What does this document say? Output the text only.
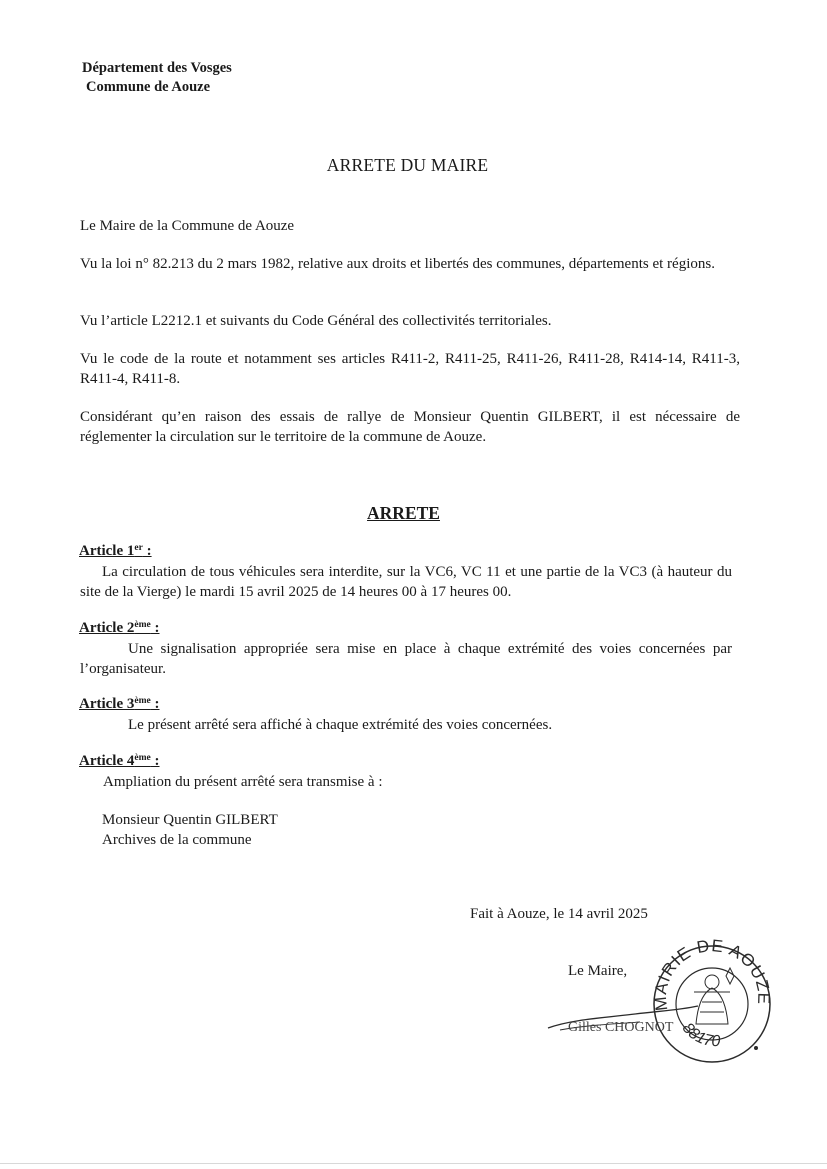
Département des Vosges
Commune de Aouze
ARRETE DU MAIRE
Le Maire de la Commune de Aouze
Vu la loi n° 82.213 du 2 mars 1982, relative aux droits et libertés des communes, départements et régions.
Vu l’article L2212.1 et suivants du Code Général des collectivités territoriales.
Vu le code de la route et notamment ses articles R411-2, R411-25, R411-26, R411-28, R414-14, R411-3, R411-4, R411-8.
Considérant qu’en raison des essais de rallye de Monsieur Quentin GILBERT, il est nécessaire de réglementer la circulation sur le territoire de la commune de Aouze.
ARRETE
Article 1er :
La circulation de tous véhicules sera interdite, sur la VC6, VC 11 et une partie de la VC3 (à hauteur du site de la Vierge) le mardi 15 avril 2025 de 14 heures 00 à 17 heures 00.
Article 2ème :
Une signalisation appropriée sera mise en place à chaque extrémité des voies concernées par l’organisateur.
Article 3ème :
Le présent arrêté sera affiché à chaque extrémité des voies concernées.
Article 4ème :
Ampliation du présent arrêté sera transmise à :
Monsieur Quentin GILBERT
Archives de la commune
Fait à Aouze, le 14 avril 2025
Le Maire,
Gilles CHOGNOT
MAIRIE DE AOUZE
88170
